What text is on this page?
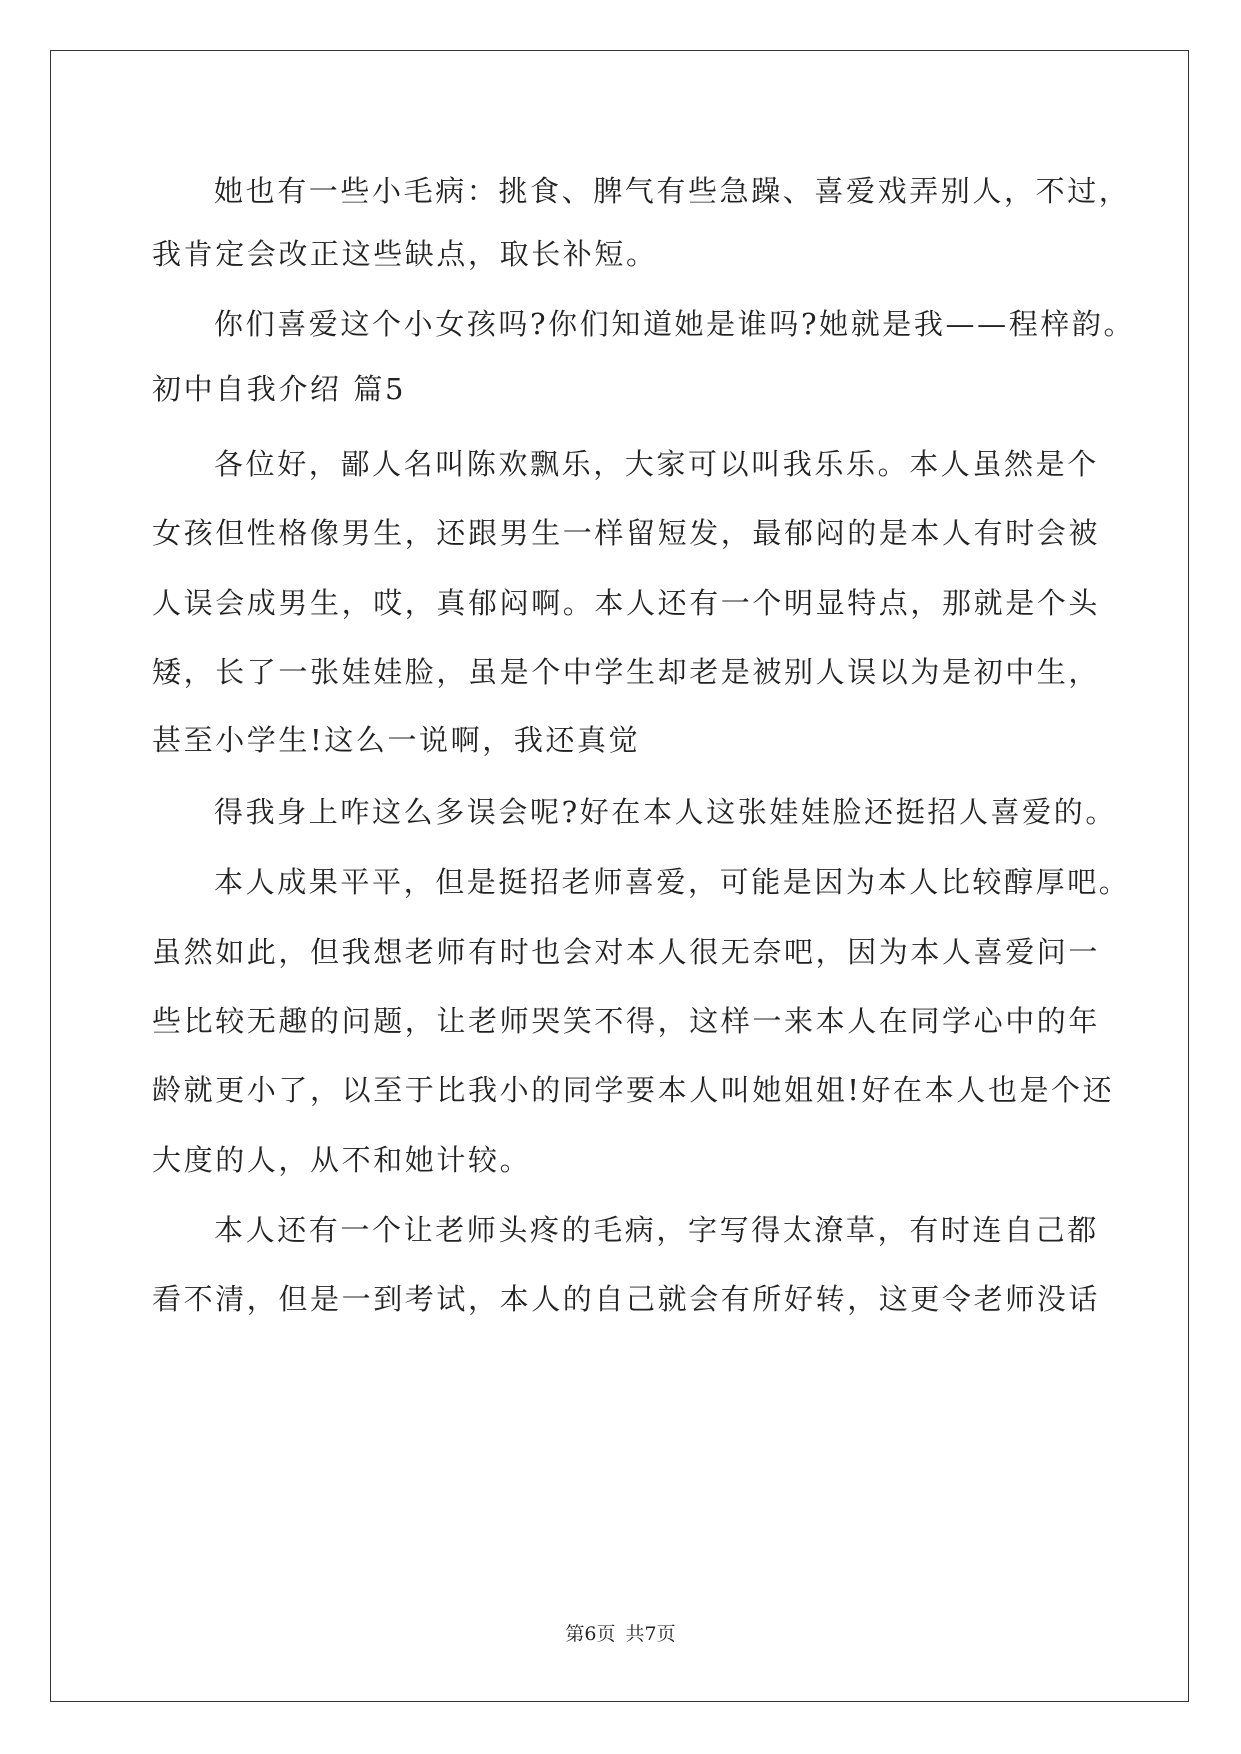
她也有一些小毛病：挑食、脾气有些急躁、喜爱戏弄别人，不过，
我肯定会改正这些缺点，取长补短。
你们喜爱这个小女孩吗?你们知道她是谁吗?她就是我——程梓韵。
初中自我介绍 篇5
各位好，鄙人名叫陈欢飘乐，大家可以叫我乐乐。本人虽然是个
女孩但性格像男生，还跟男生一样留短发，最郁闷的是本人有时会被
人误会成男生，哎，真郁闷啊。本人还有一个明显特点，那就是个头
矮，长了一张娃娃脸，虽是个中学生却老是被别人误以为是初中生，
甚至小学生!这么一说啊，我还真觉
得我身上咋这么多误会呢?好在本人这张娃娃脸还挺招人喜爱的。
本人成果平平，但是挺招老师喜爱，可能是因为本人比较醇厚吧。
虽然如此，但我想老师有时也会对本人很无奈吧，因为本人喜爱问一
些比较无趣的问题，让老师哭笑不得，这样一来本人在同学心中的年
龄就更小了，以至于比我小的同学要本人叫她姐姐!好在本人也是个还
大度的人，从不和她计较。
本人还有一个让老师头疼的毛病，字写得太潦草，有时连自己都
看不清，但是一到考试，本人的自己就会有所好转，这更令老师没话
第6页 共7页
